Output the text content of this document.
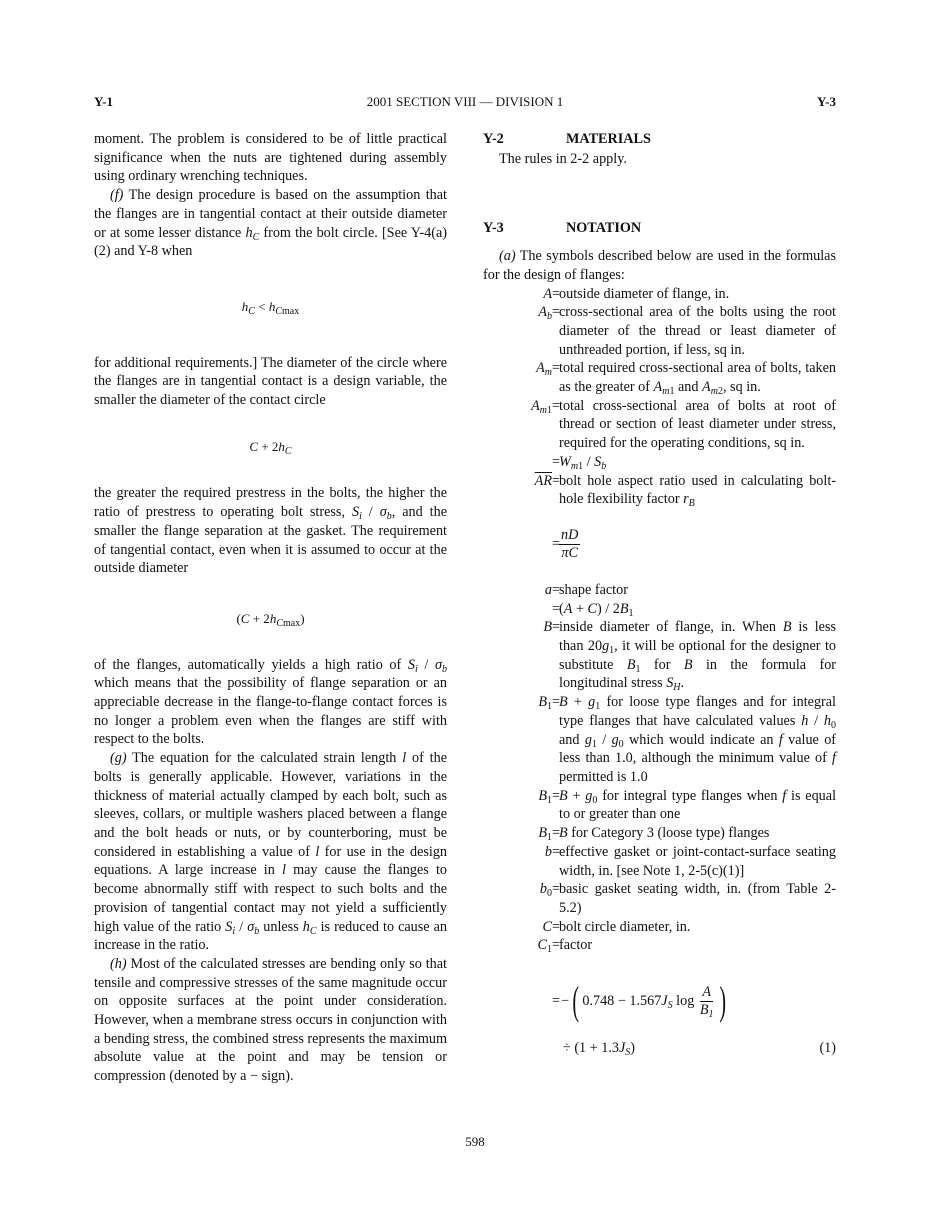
Y-1	2001 SECTION VIII — DIVISION 1	Y-3

moment. The problem is considered to be of little practical significance when the nuts are tightened during assembly using ordinary wrenching techniques.

(f) The design procedure is based on the assumption that the flanges are in tangential contact at their outside diameter or at some lesser distance $h_C$ from the bolt circle. [See Y-4(a)(2) and Y-8 when

$h_C < h_{Cmax}$

for additional requirements.] The diameter of the circle where the flanges are in tangential contact is a design variable, the smaller the diameter of the contact circle

$C + 2h_C$

the greater the required prestress in the bolts, the higher the ratio of prestress to operating bolt stress, $S_i / \sigma_b$, and the smaller the flange separation at the gasket. The requirement of tangential contact, even when it is assumed to occur at the outside diameter

$(C + 2h_{Cmax})$

of the flanges, automatically yields a high ratio of $S_i / \sigma_b$ which means that the possibility of flange separation or an appreciable decrease in the flange-to-flange contact forces is no longer a problem even when the flanges are stiff with respect to the bolts.

(g) The equation for the calculated strain length l of the bolts is generally applicable. However, variations in the thickness of material actually clamped by each bolt, such as sleeves, collars, or multiple washers placed between a flange and the bolt heads or nuts, or by counterboring, must be considered in establishing a value of l for use in the design equations. A large increase in l may cause the flanges to become abnormally stiff with respect to such bolts and the provision of tangential contact may not yield a sufficiently high value of the ratio $S_i / \sigma_b$ unless $h_C$ is reduced to cause an increase in the ratio.

(h) Most of the calculated stresses are bending only so that tensile and compressive stresses of the same magnitude occur on opposite surfaces at the point under consideration. However, when a membrane stress occurs in conjunction with a bending stress, the combined stress represents the maximum absolute value at the point and may be tension or compression (denoted by a − sign).

Y-2	MATERIALS

The rules in 2-2 apply.

Y-3	NOTATION

(a) The symbols described below are used in the formulas for the design of flanges:

A =
outside diameter of flange, in.
$A_b$ =
cross-sectional area of the bolts using the root diameter of the thread or least diameter of unthreaded portion, if less, sq in.
$A_m$ =
total required cross-sectional area of bolts, taken as the greater of $A_{m1}$ and $A_{m2}$, sq in.
$A_{m1}$ =
total cross-sectional area of bolts at root of thread or section of least diameter under stress, required for the operating conditions, sq in.
=
$W_{m1} / S_b$
$\overline{AR}$ =
bolt hole aspect ratio used in calculating bolt-hole flexibility factor $r_B$
=
$\frac{nD}{\pi C}$
a =
shape factor
=
$(A + C) / 2B_1$
B =
inside diameter of flange, in. When B is less than $20g_1$, it will be optional for the designer to substitute $B_1$ for B in the formula for longitudinal stress $S_H$.
$B_1$ =
$B + g_1$ for loose type flanges and for integral type flanges that have calculated values h / $h_0$ and $g_1 / g_0$ which would indicate an f value of less than 1.0, although the minimum value of f permitted is 1.0
$B_1$ =
$B + g_0$ for integral type flanges when f is equal to or greater than one
$B_1$ =
B for Category 3 (loose type) flanges
b =
effective gasket or joint-contact-surface seating width, in. [see Note 1, 2-5(c)(1)]
$b_0$ =
basic gasket seating width, in. (from Table 2-5.2)
C =
bolt circle diameter, in.
$C_1$ =
factor
= − ( 0.748 − 1.567 $J_S$
log
$\frac{A}{B_1}$ )
÷ $(1 + 1.3J_S)$	(1)
598
